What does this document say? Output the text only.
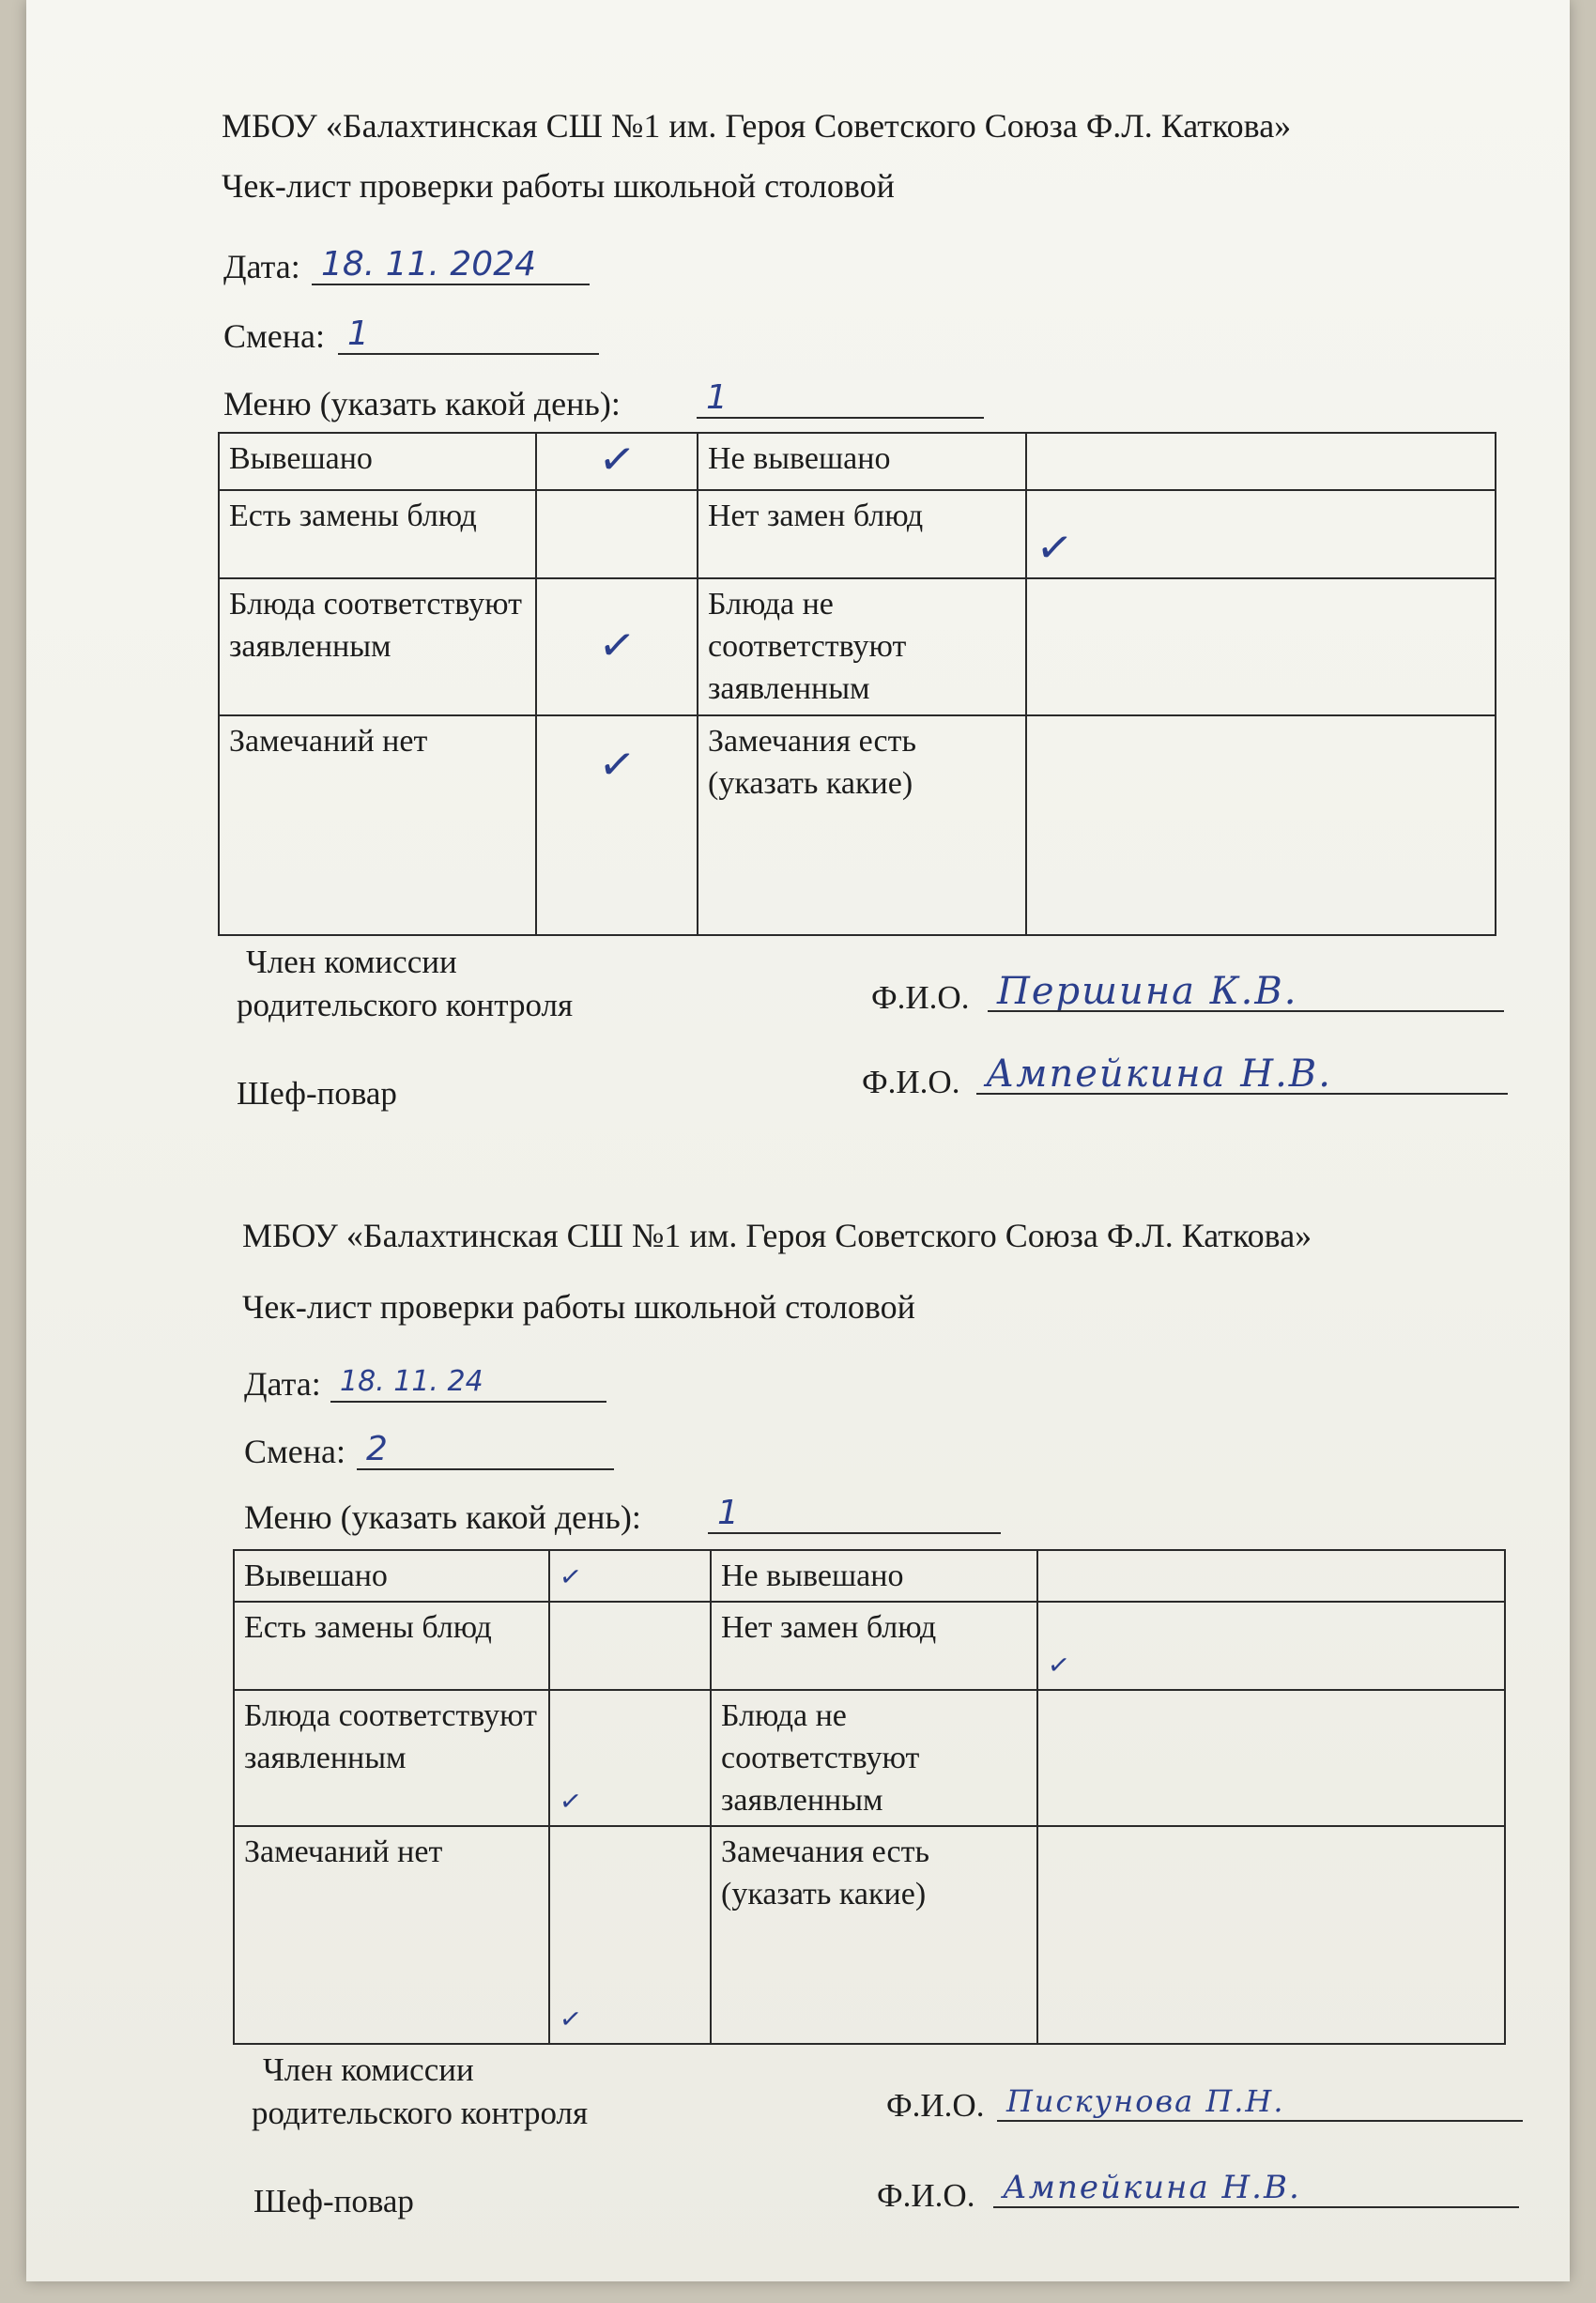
МБОУ «Балахтинская СШ №1 им. Героя Советского Союза Ф.Л. Каткова»
Чек-лист проверки работы школьной столовой
Дата: 18. 11. 2024
Смена: 1
Меню (указать какой день):	1
Вывешано	✓	Не вывешано	
Есть замены блюд		Нет замен блюд	✓
Блюда соответствуют заявленным	✓	Блюда не соответствуют заявленным	
Замечаний нет	✓	Замечания есть (указать какие)	
Член комиссии
родительского контроля	Ф.И.О. Першина К.В.
Шеф-повар	Ф.И.О. Ампейкина Н.В.
МБОУ «Балахтинская СШ №1 им. Героя Советского Союза Ф.Л. Каткова»
Чек-лист проверки работы школьной столовой
Дата: 18. 11. 24
Смена: 2
Меню (указать какой день): 1
Вывешано	✓	Не вывешано	
Есть замены блюд		Нет замен блюд	✓
Блюда соответствуют заявленным	✓	Блюда не соответствуют заявленным	
Замечаний нет	✓	Замечания есть (указать какие)	
Член комиссии
родительского контроля	Ф.И.О. Пискунова П.Н.
Шеф-повар	Ф.И.О. Ампейкина Н.В.
